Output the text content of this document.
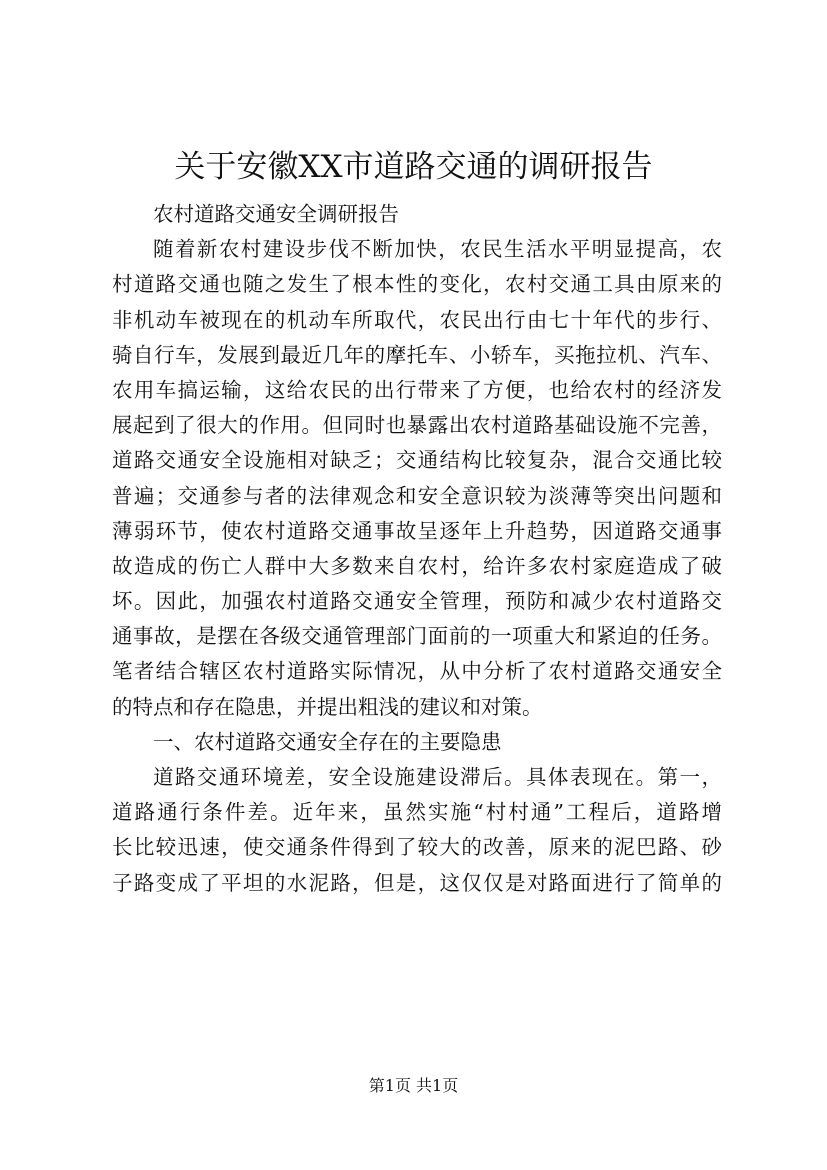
关于安徽XX市道路交通的调研报告
农村道路交通安全调研报告
随着新农村建设步伐不断加快，农民生活水平明显提高，农
村道路交通也随之发生了根本性的变化，农村交通工具由原来的
非机动车被现在的机动车所取代，农民出行由七十年代的步行、
骑自行车，发展到最近几年的摩托车、小轿车，买拖拉机、汽车、
农用车搞运输，这给农民的出行带来了方便，也给农村的经济发
展起到了很大的作用。但同时也暴露出农村道路基础设施不完善，
道路交通安全设施相对缺乏；交通结构比较复杂，混合交通比较
普遍；交通参与者的法律观念和安全意识较为淡薄等突出问题和
薄弱环节，使农村道路交通事故呈逐年上升趋势，因道路交通事
故造成的伤亡人群中大多数来自农村，给许多农村家庭造成了破
坏。因此，加强农村道路交通安全管理，预防和减少农村道路交
通事故，是摆在各级交通管理部门面前的一项重大和紧迫的任务。
笔者结合辖区农村道路实际情况，从中分析了农村道路交通安全
的特点和存在隐患，并提出粗浅的建议和对策。
一、农村道路交通安全存在的主要隐患
道路交通环境差，安全设施建设滞后。具体表现在。第一，
道路通行条件差。近年来，虽然实施“村村通”工程后，道路增
长比较迅速，使交通条件得到了较大的改善，原来的泥巴路、砂
子路变成了平坦的水泥路，但是，这仅仅是对路面进行了简单的
第1页 共1页
